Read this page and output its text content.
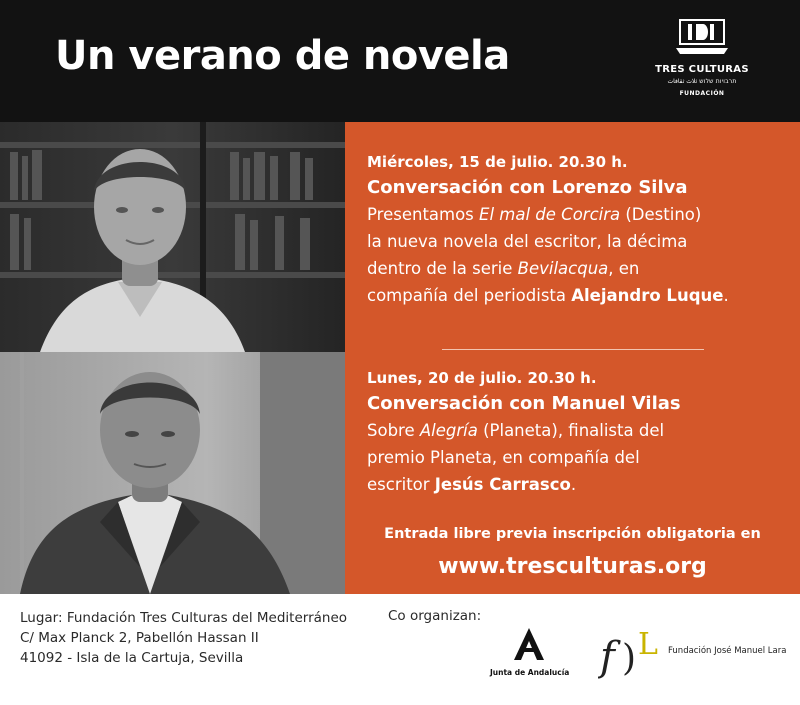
Un verano de novela	TRES CULTURAS
תרבויות שלוש ثلاث ثقافات
FUNDACIÓN
Miércoles, 15 de julio. 20.30 h.
Conversación con Lorenzo Silva
Presentamos El mal de Corcira (Destino)
la nueva novela del escritor, la décima
dentro de la serie Bevilacqua, en
compañía del periodista Alejandro Luque.
Lunes, 20 de julio. 20.30 h.
Conversación con Manuel Vilas
Sobre Alegría (Planeta), finalista del
premio Planeta, en compañía del
escritor Jesús Carrasco.
Entrada libre previa inscripción obligatoria en
www.tresculturas.org
Lugar: Fundación Tres Culturas del Mediterráneo
C/ Max Planck 2, Pabellón Hassan II
41092 - Isla de la Cartuja, Sevilla
Co organizan:
Junta de Andalucía f ) L Fundación José Manuel Lara
